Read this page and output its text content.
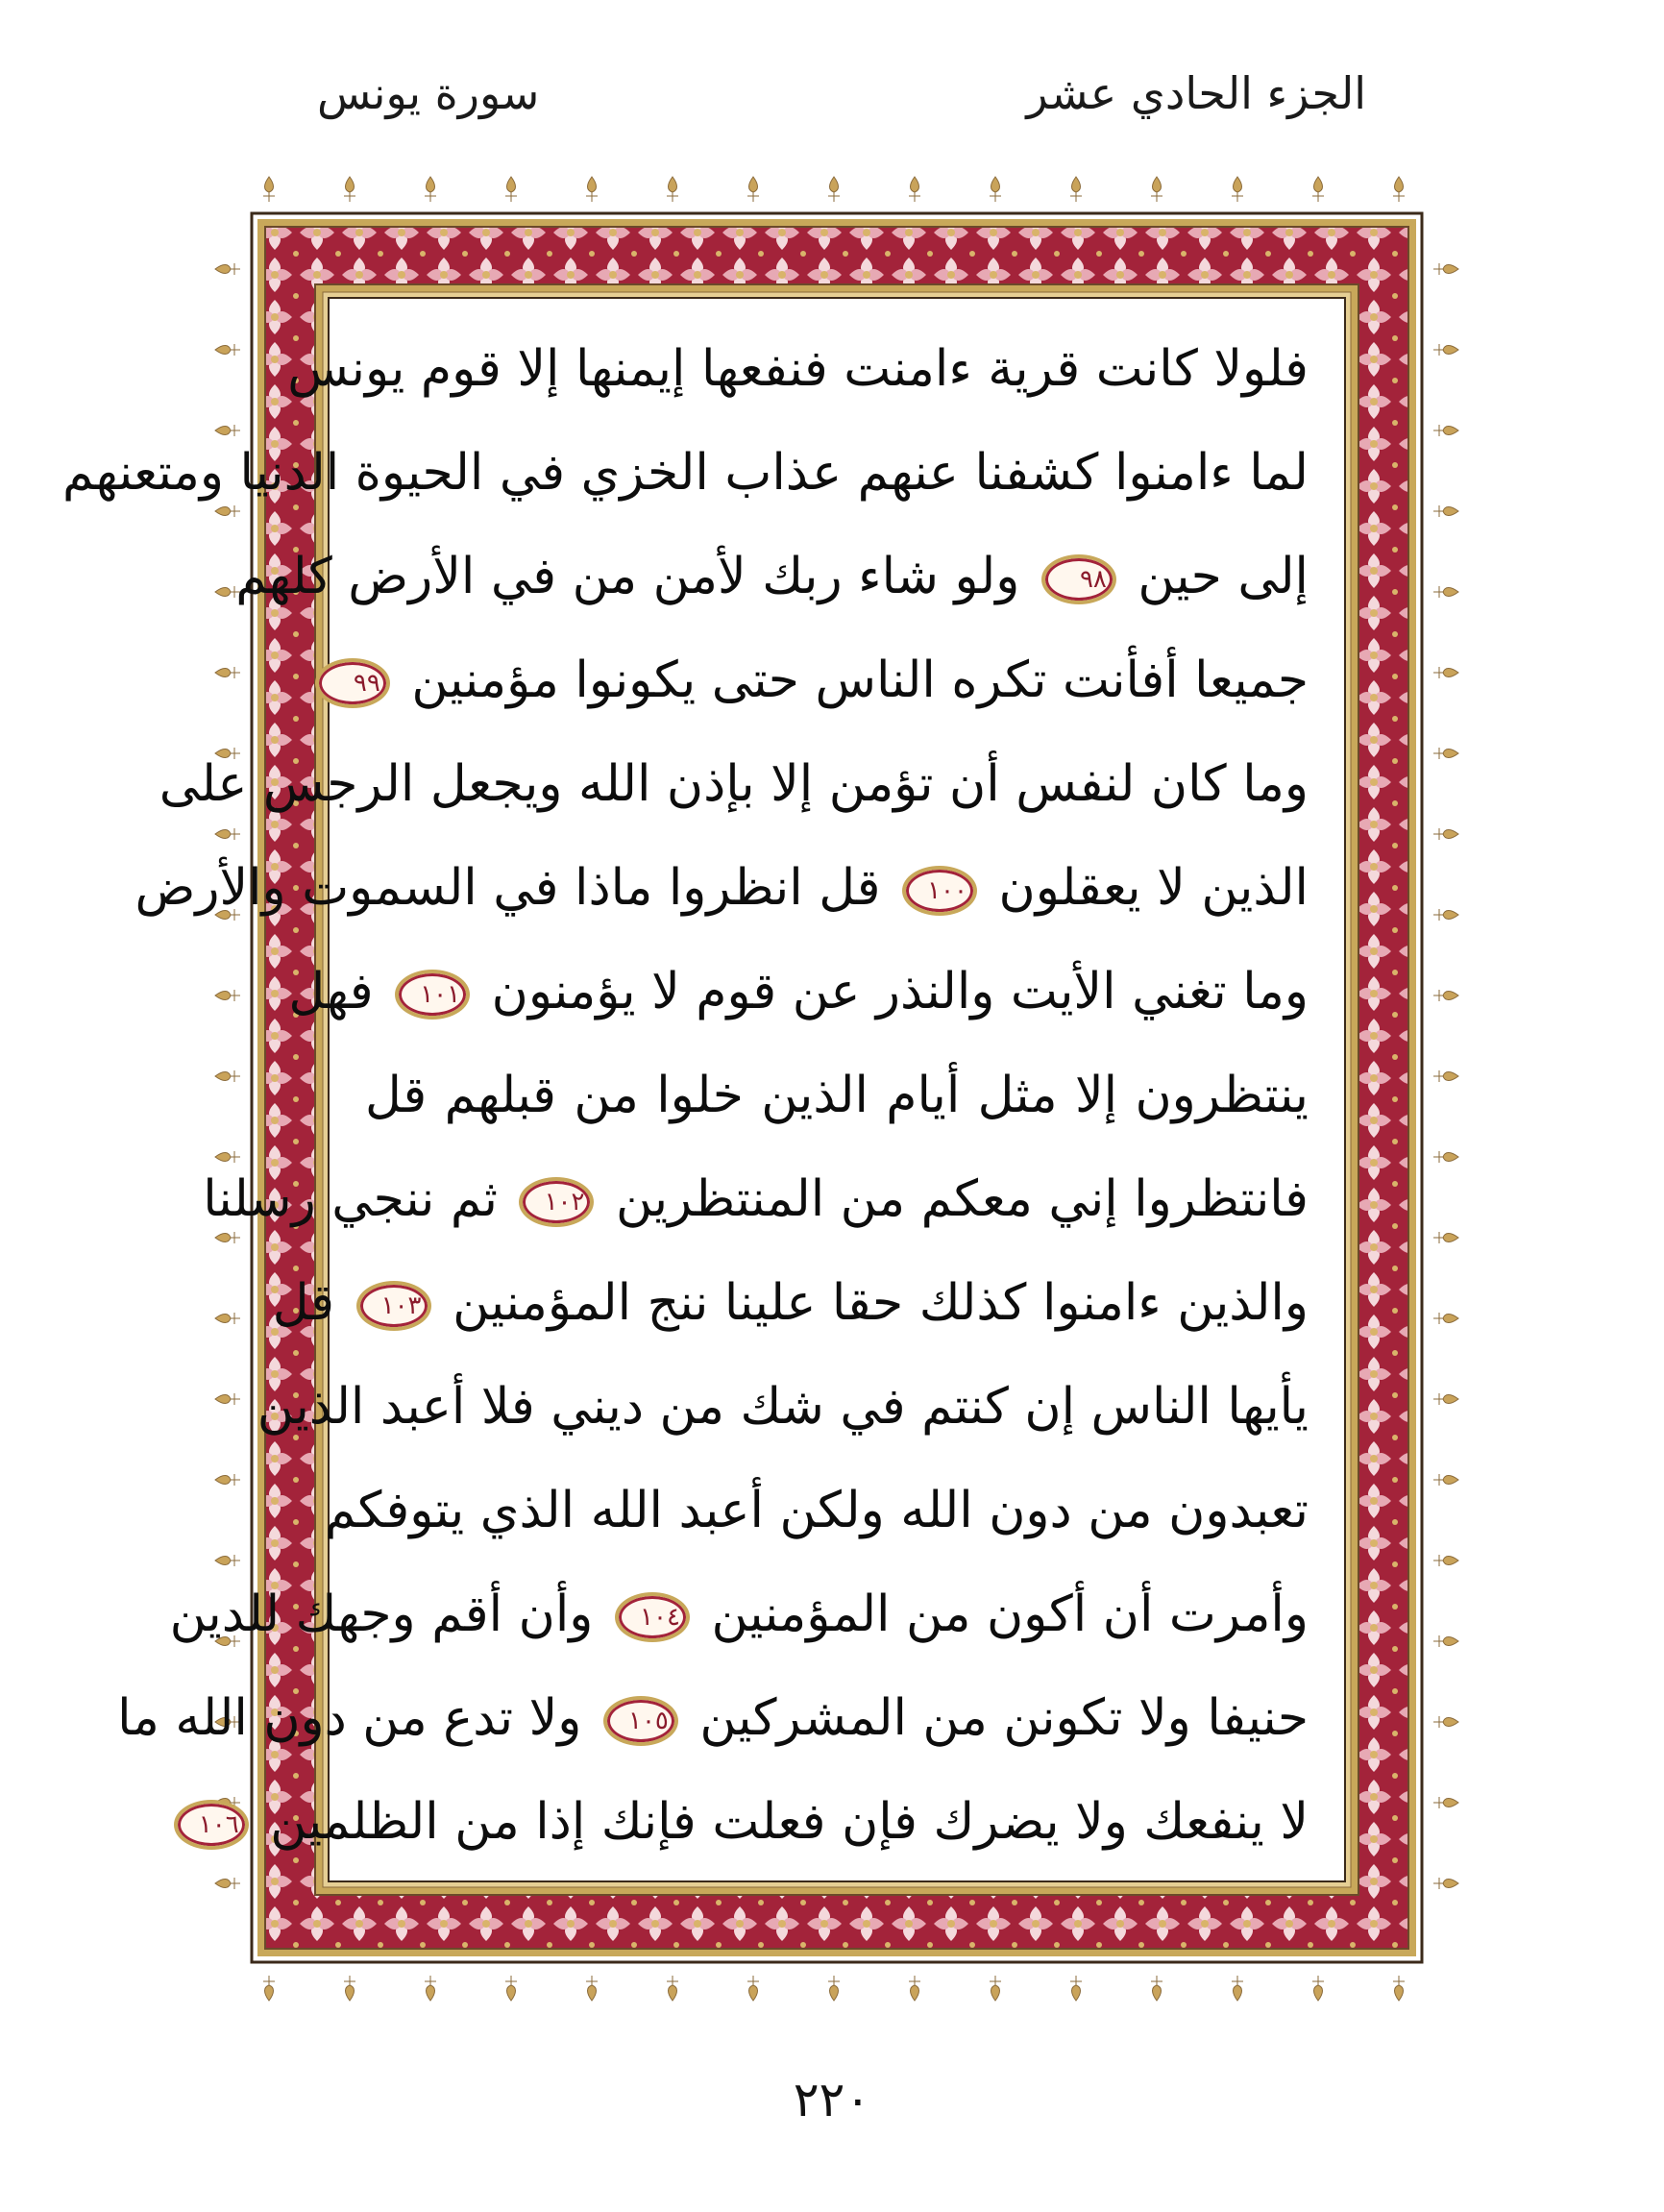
الجزء الحادي عشر
سورة يونس
فلولا كانت قرية ءامنت فنفعها إيمنها إلا قوم يونس
لما ءامنوا كشفنا عنهم عذاب الخزي في الحيوة الدنيا ومتعنهم
إلى حين ٩٨ ولو شاء ربك لأمن من في الأرض كلهم
جميعا أفأنت تكره الناس حتى يكونوا مؤمنين ٩٩
وما كان لنفس أن تؤمن إلا بإذن الله ويجعل الرجس على
الذين لا يعقلون ١٠٠ قل انظروا ماذا في السموت والأرض
وما تغني الأيت والنذر عن قوم لا يؤمنون ١٠١ فهل
ينتظرون إلا مثل أيام الذين خلوا من قبلهم قل
فانتظروا إني معكم من المنتظرين ١٠٢ ثم ننجي رسلنا
والذين ءامنوا كذلك حقا علينا ننج المؤمنين ١٠٣ قل
يأيها الناس إن كنتم في شك من ديني فلا أعبد الذين
تعبدون من دون الله ولكن أعبد الله الذي يتوفكم
وأمرت أن أكون من المؤمنين ١٠٤ وأن أقم وجهك للدين
حنيفا ولا تكونن من المشركين ١٠٥ ولا تدع من دون الله ما
لا ينفعك ولا يضرك فإن فعلت فإنك إذا من الظلمين ١٠٦
٢٢٠
